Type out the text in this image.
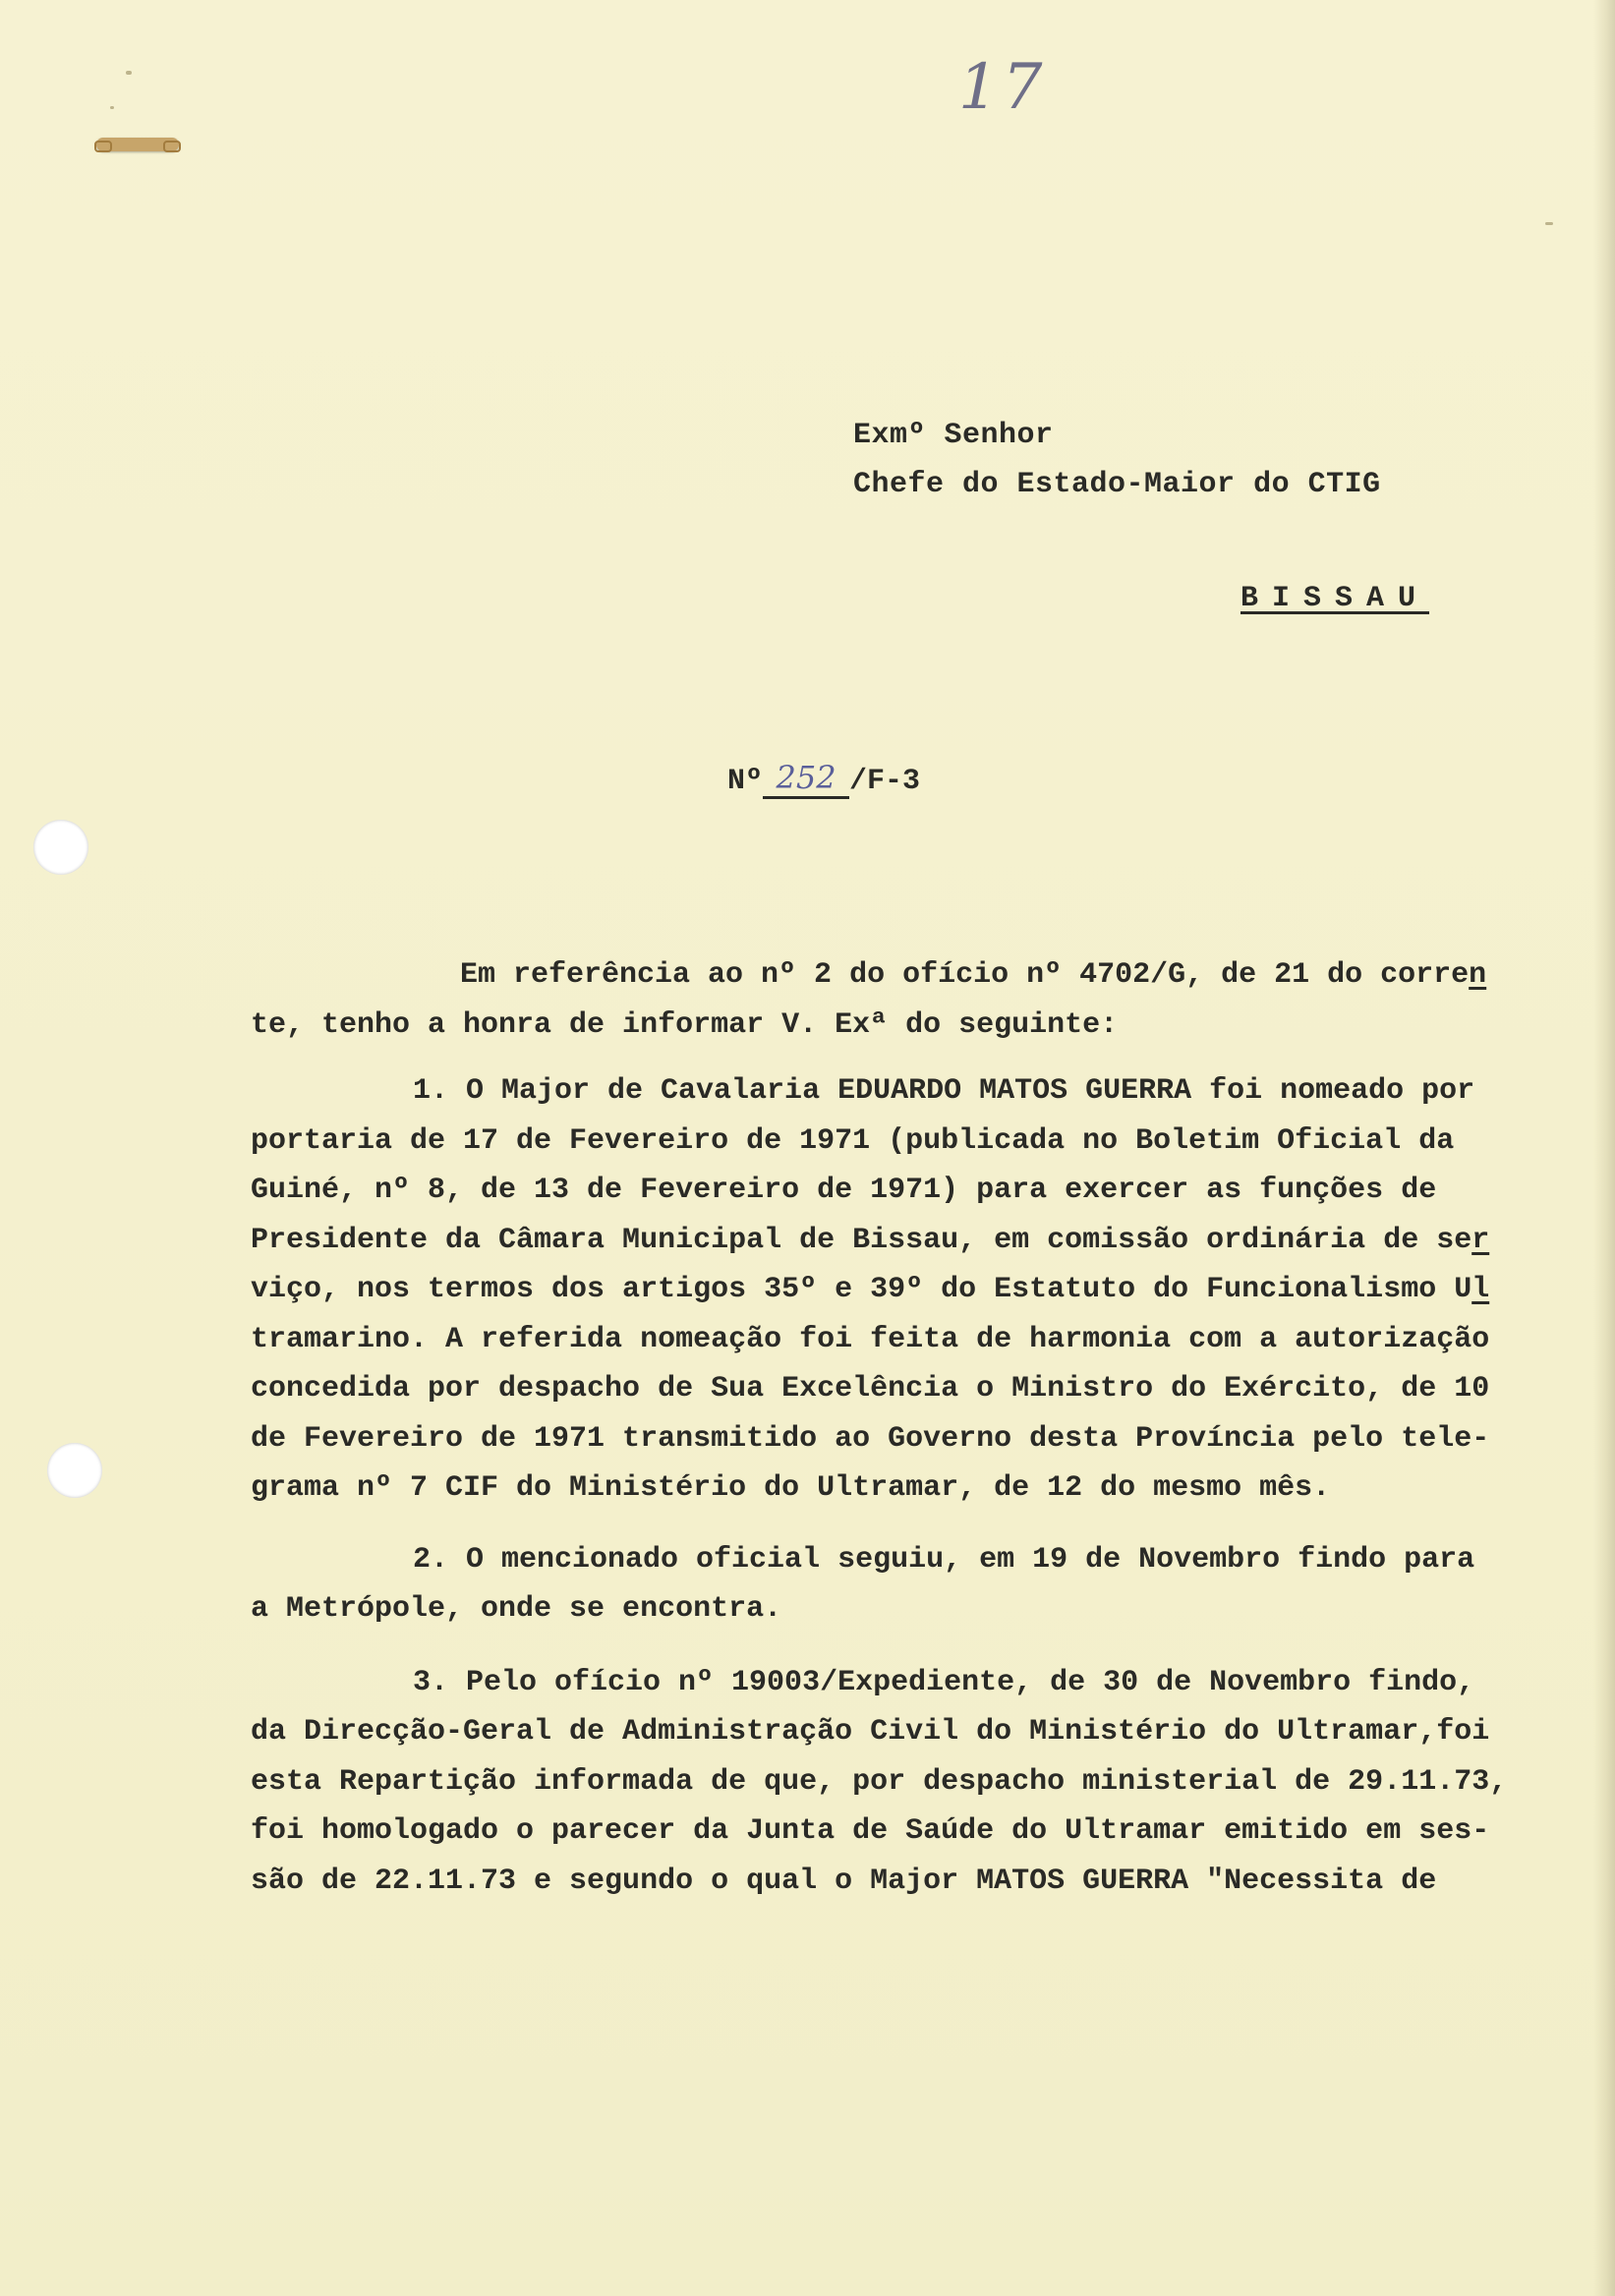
17
Exmº Senhor
Chefe do Estado-Maior do CTIG
BISSAU
Nº 252 /F-3
Em referência ao nº 2 do ofício nº 4702/G, de 21 do corren
te, tenho a honra de informar V. Exª do seguinte:
1. O Major de Cavalaria EDUARDO MATOS GUERRA foi nomeado por
portaria de 17 de Fevereiro de 1971 (publicada no Boletim Oficial da
Guiné, nº 8, de 13 de Fevereiro de 1971) para exercer as funções de
Presidente da Câmara Municipal de Bissau, em comissão ordinária de ser
viço, nos termos dos artigos 35º e 39º do Estatuto do Funcionalismo Ul
tramarino. A referida nomeação foi feita de harmonia com a autorização
concedida por despacho de Sua Excelência o Ministro do Exército, de 10
de Fevereiro de 1971 transmitido ao Governo desta Província pelo tele-
grama nº 7 CIF do Ministério do Ultramar, de 12 do mesmo mês.
2. O mencionado oficial seguiu, em 19 de Novembro findo para
a Metrópole, onde se encontra.
3. Pelo ofício nº 19003/Expediente, de 30 de Novembro findo,
da Direcção-Geral de Administração Civil do Ministério do Ultramar,foi
esta Repartição informada de que, por despacho ministerial de 29.11.73,
foi homologado o parecer da Junta de Saúde do Ultramar emitido em ses-
são de 22.11.73 e segundo o qual o Major MATOS GUERRA "Necessita de
